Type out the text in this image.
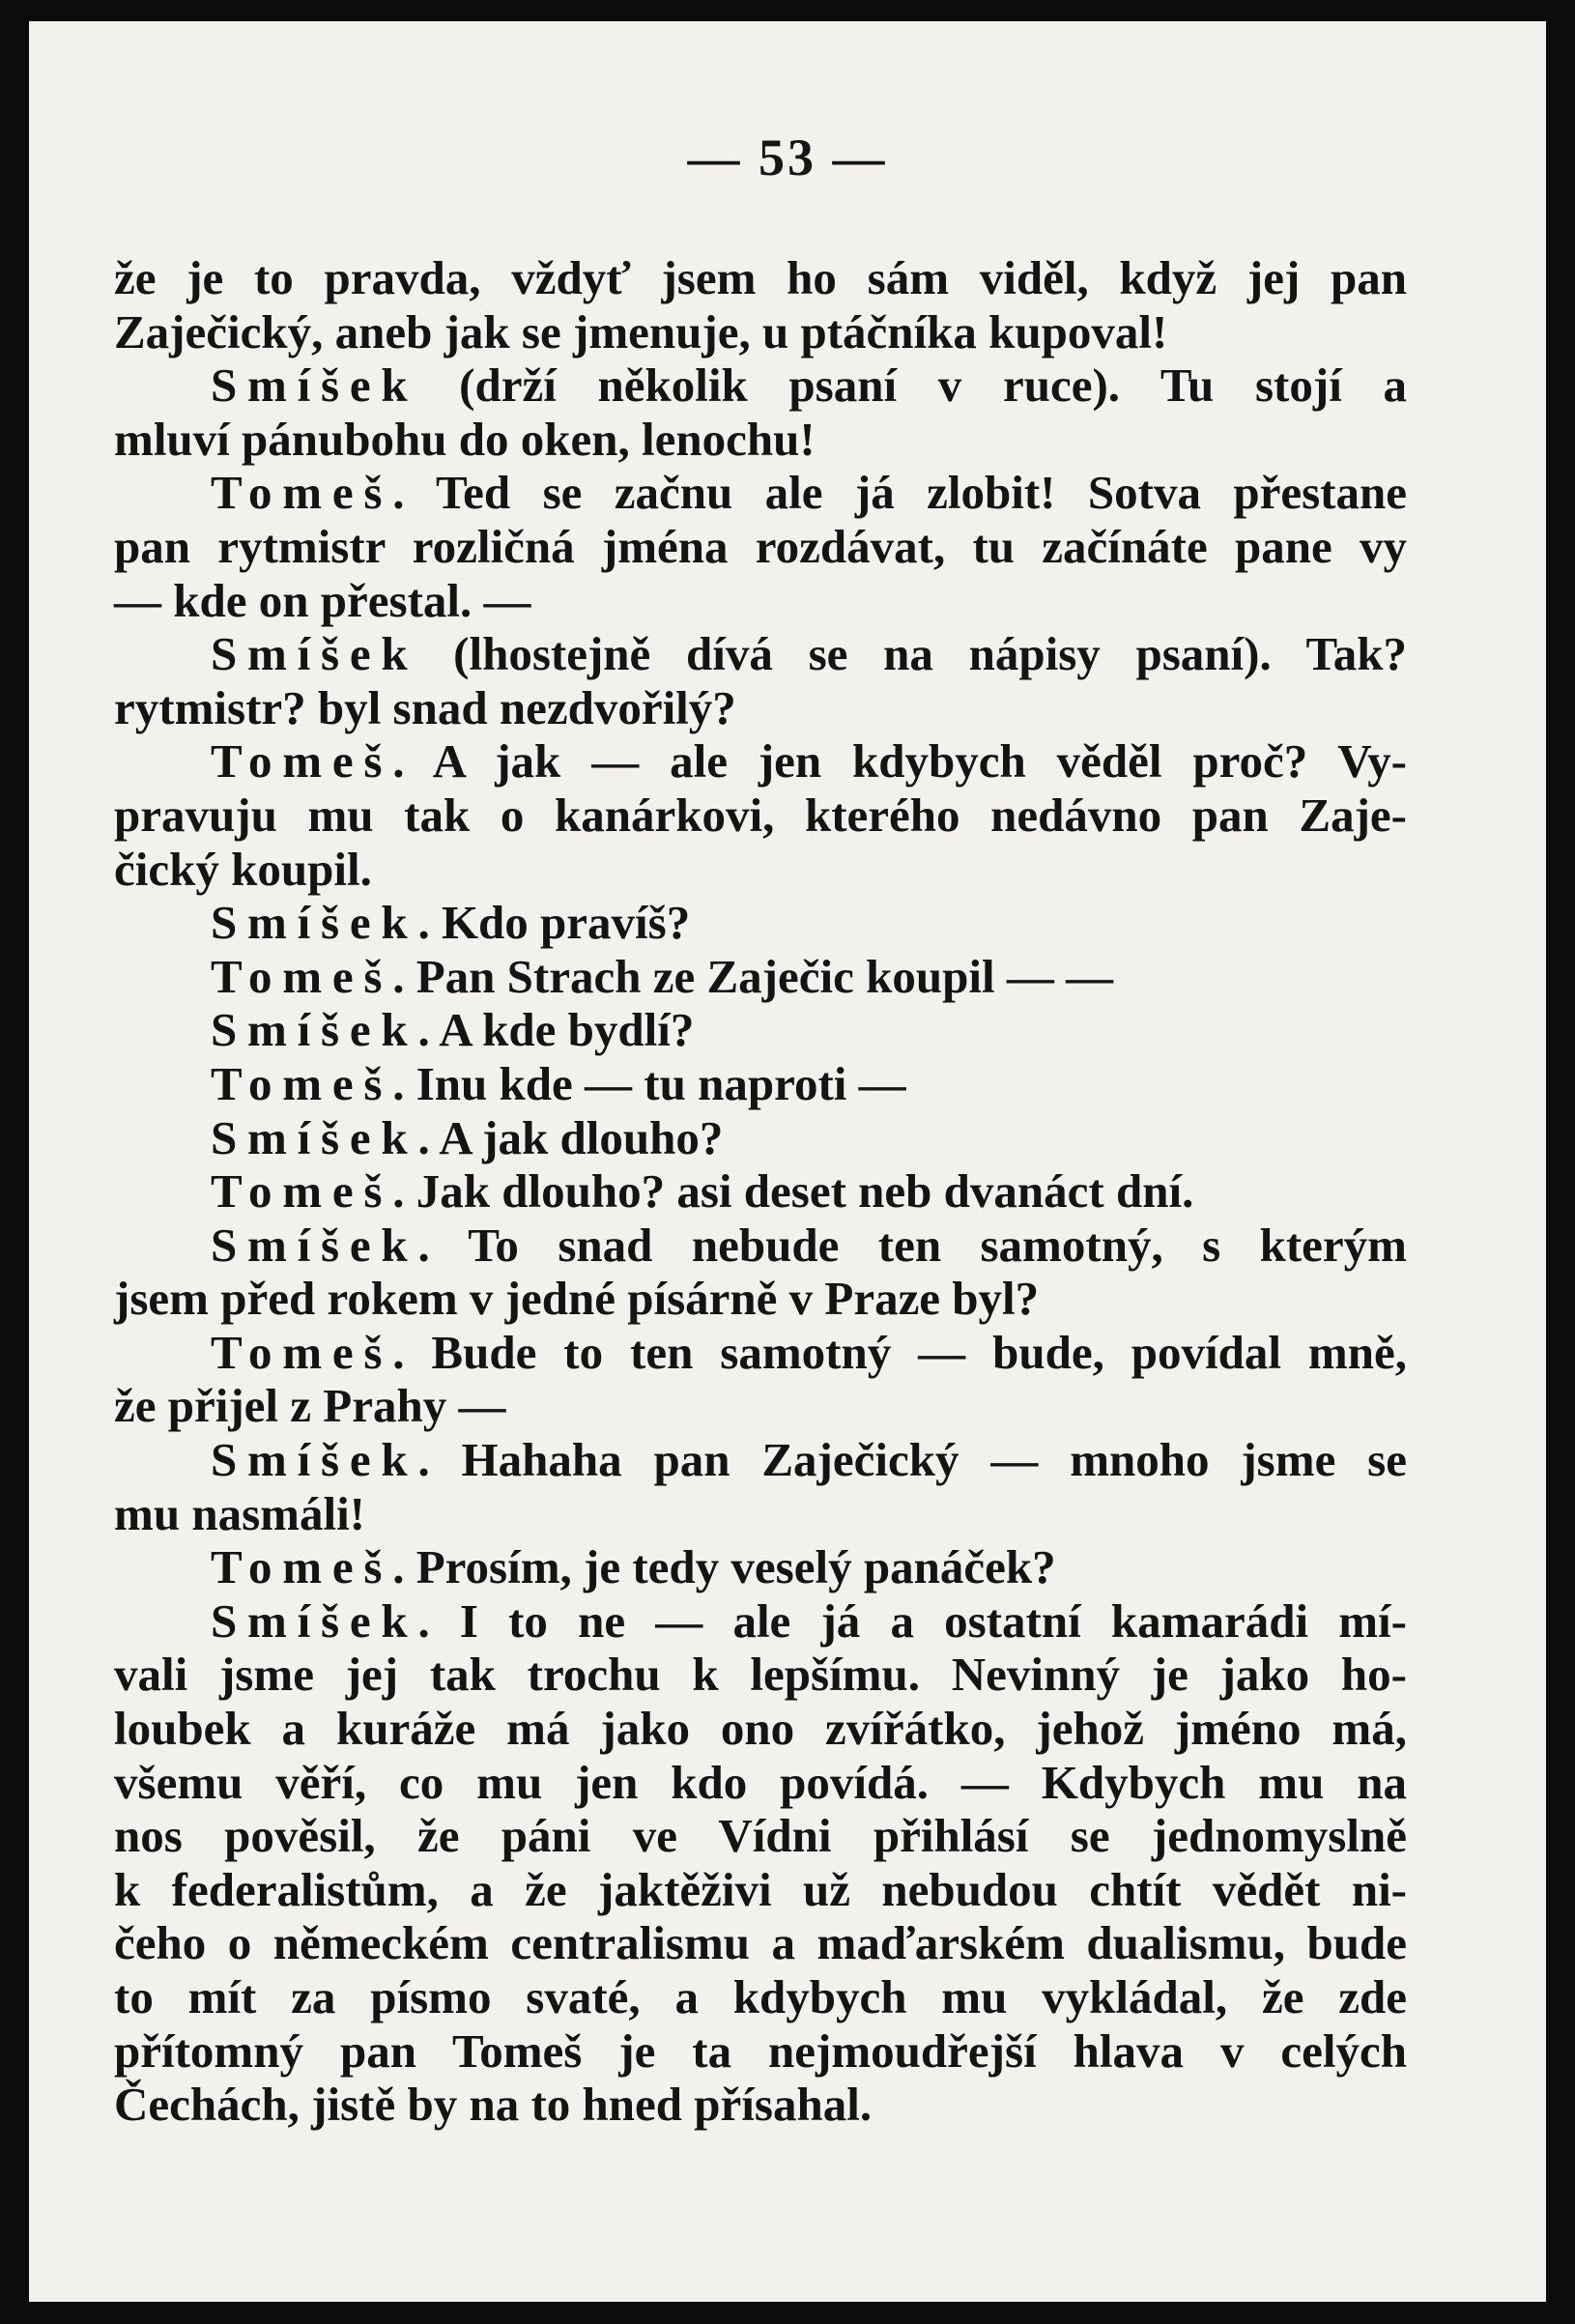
— 53 —
že je to pravda, vždyť jsem ho sám viděl, když jej pan
Zaječický, aneb jak se jmenuje, u ptáčníka kupoval!
Smíšek (drží několik psaní v ruce). Tu stojí a
mluví pánubohu do oken, lenochu!
Tomeš. Ted se začnu ale já zlobit! Sotva přestane
pan rytmistr rozličná jména rozdávat, tu začínáte pane vy
— kde on přestal. —
Smíšek (lhostejně dívá se na nápisy psaní). Tak?
rytmistr? byl snad nezdvořilý?
Tomeš. A jak — ale jen kdybych věděl proč? Vy-
pravuju mu tak o kanárkovi, kterého nedávno pan Zaje-
čický koupil.
Smíšek. Kdo pravíš?
Tomeš. Pan Strach ze Zaječic koupil — —
Smíšek. A kde bydlí?
Tomeš. Inu kde — tu naproti —
Smíšek. A jak dlouho?
Tomeš. Jak dlouho? asi deset neb dvanáct dní.
Smíšek. To snad nebude ten samotný, s kterým
jsem před rokem v jedné písárně v Praze byl?
Tomeš. Bude to ten samotný — bude, povídal mně,
že přijel z Prahy —
Smíšek. Hahaha pan Zaječický — mnoho jsme se
mu nasmáli!
Tomeš. Prosím, je tedy veselý panáček?
Smíšek. I to ne — ale já a ostatní kamarádi mí-
vali jsme jej tak trochu k lepšímu. Nevinný je jako ho-
loubek a kuráže má jako ono zvířátko, jehož jméno má,
všemu věří, co mu jen kdo povídá. — Kdybych mu na
nos pověsil, že páni ve Vídni přihlásí se jednomyslně
k federalistům, a že jaktěživi už nebudou chtít vědět ni-
čeho o německém centralismu a maďarském dualismu, bude
to mít za písmo svaté, a kdybych mu vykládal, že zde
přítomný pan Tomeš je ta nejmoudřejší hlava v celých
Čechách, jistě by na to hned přísahal.
